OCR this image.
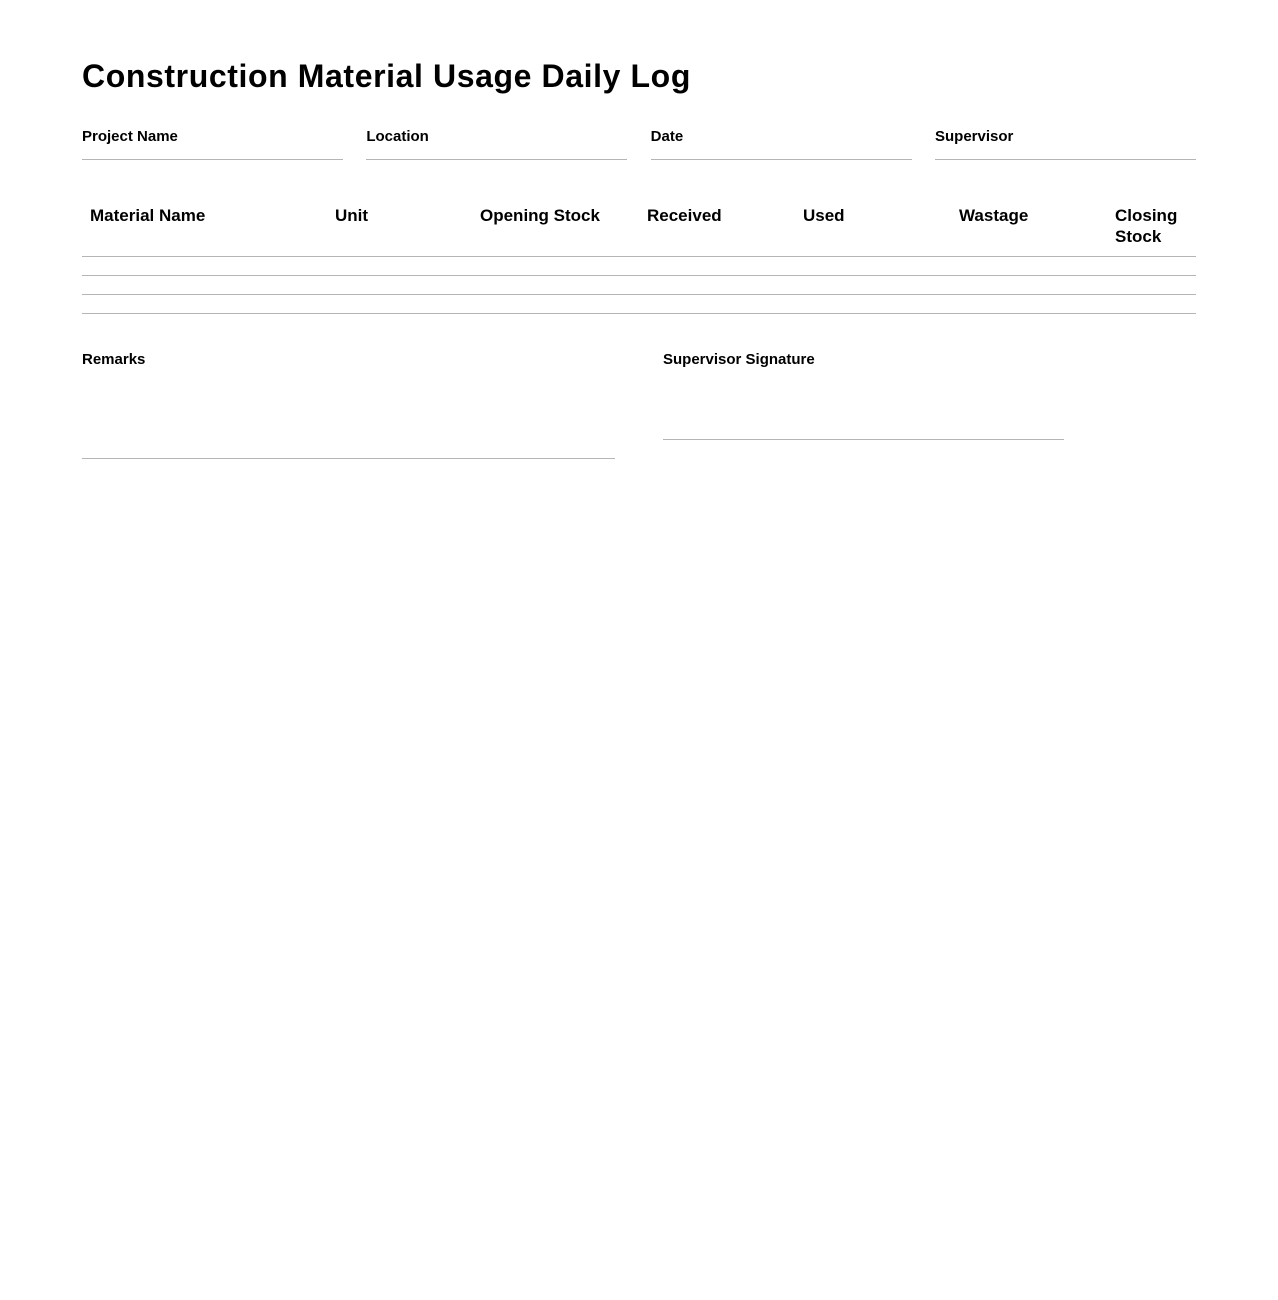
Construction Material Usage Daily Log
Project Name	Location	Date	Supervisor
Material Name	Unit	Opening Stock	Received	Used	Wastage	Closing Stock

Remarks	Supervisor Signature
